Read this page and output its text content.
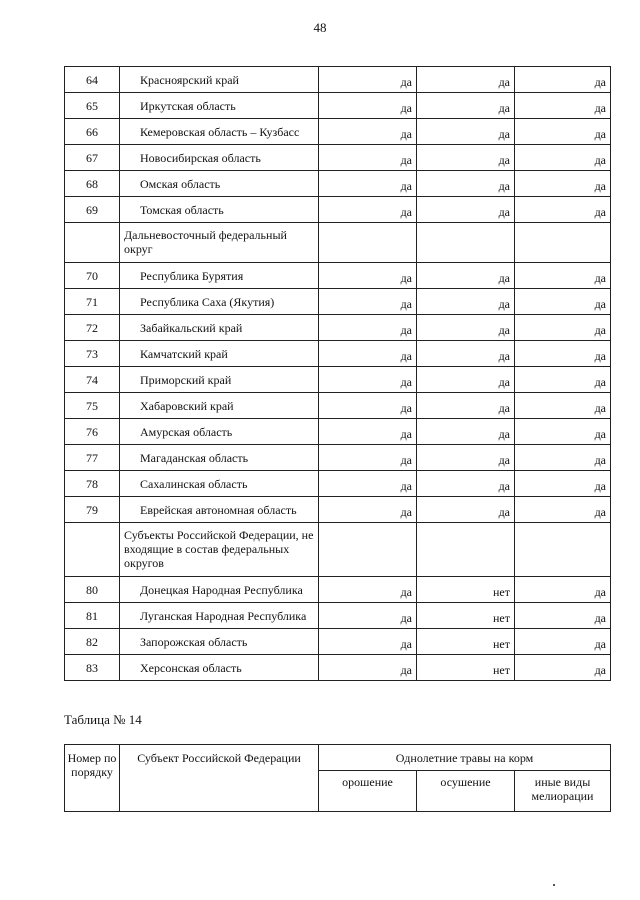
48
64	Красноярский край	да	да	да
65	Иркутская область	да	да	да
66	Кемеровская область – Кузбасс	да	да	да
67	Новосибирская область	да	да	да
68	Омская область	да	да	да
69	Томская область	да	да	да
	Дальневосточный федеральный округ			
70	Республика Бурятия	да	да	да
71	Республика Саха (Якутия)	да	да	да
72	Забайкальский край	да	да	да
73	Камчатский край	да	да	да
74	Приморский край	да	да	да
75	Хабаровский край	да	да	да
76	Амурская область	да	да	да
77	Магаданская область	да	да	да
78	Сахалинская область	да	да	да
79	Еврейская автономная область	да	да	да
	Субъекты Российской Федерации, не входящие в состав федеральных округов			
80	Донецкая Народная Республика	да	нет	да
81	Луганская Народная Республика	да	нет	да
82	Запорожская область	да	нет	да
83	Херсонская область	да	нет	да
Таблица № 14
Номер по порядку	Субъект Российской Федерации	Однолетние травы на корм		
		орошение	осушение	иные виды мелиорации
